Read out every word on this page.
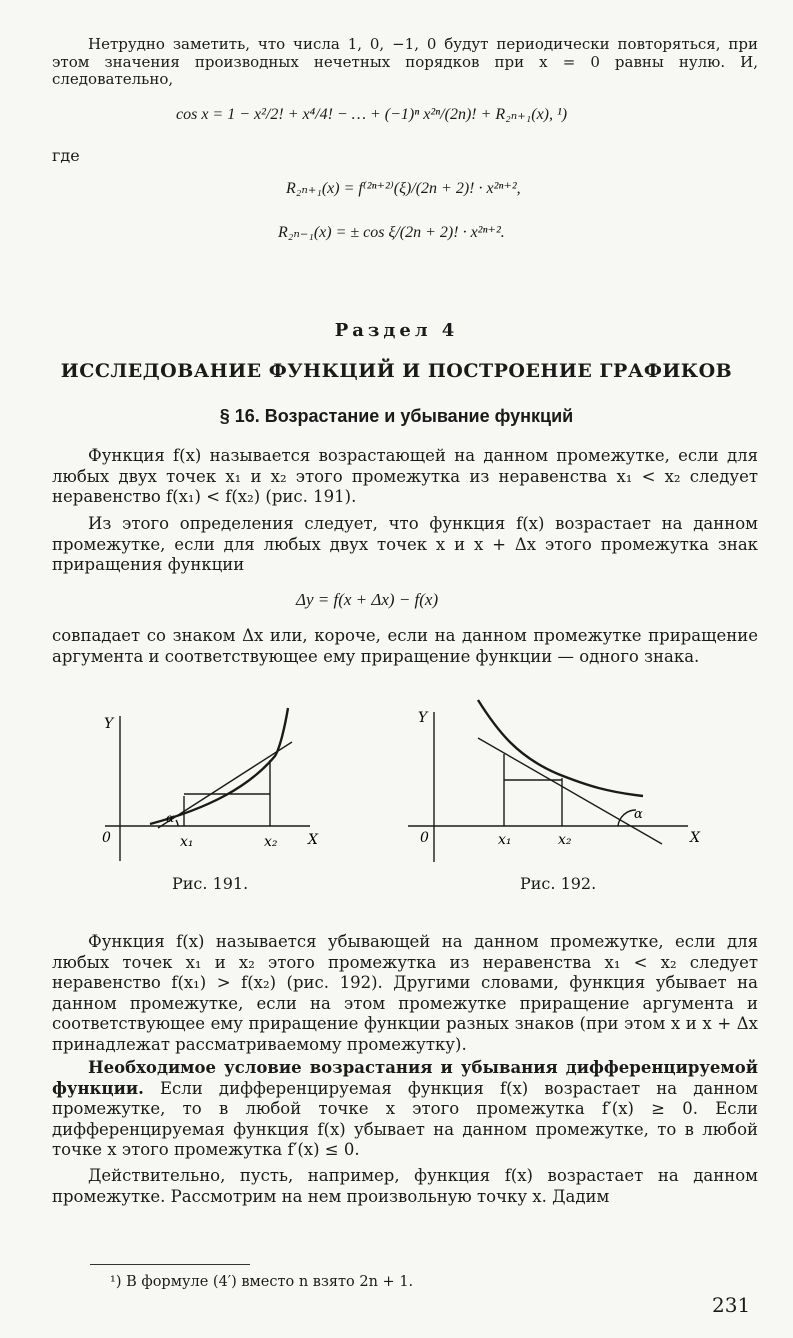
Нетрудно заметить, что числа 1, 0, −1, 0 будут периодически повторяться, при этом значения производных нечетных порядков при x = 0 равны нулю. И, следовательно,

cos x = 1 − x²/2! + x⁴/4! − … + (−1)ⁿ x²ⁿ/(2n)! + R₂ₙ₊₁(x), ¹)
где
R₂ₙ₊₁(x) = f⁽²ⁿ⁺²⁾(ξ)/(2n + 2)! · x²ⁿ⁺²,
R₂ₙ₋₁(x) = ± cos ξ/(2n + 2)! · x²ⁿ⁺².

Раздел 4

ИССЛЕДОВАНИЕ ФУНКЦИЙ И ПОСТРОЕНИЕ ГРАФИКОВ

§ 16. Возрастание и убывание функций

Функция f(x) называется возрастающей на данном промежутке, если для любых двух точек x₁ и x₂ этого промежутка из неравенства x₁ < x₂ следует неравенство f(x₁) < f(x₂) (рис. 191).

Из этого определения следует, что функция f(x) возрастает на данном промежутке, если для любых двух точек x и x + Δx этого промежутка знак приращения функции

Δy = f(x + Δx) − f(x)

совпадает со знаком Δx или, короче, если на данном промежутке приращение аргумента и соответствующее ему приращение функции — одного знака.

Y
0	x₁	x₂ X
α
Рис. 191.
Y
0	x₁	x₂	X
α
Рис. 192.

Функция f(x) называется убывающей на данном промежутке, если для любых точек x₁ и x₂ этого промежутка из неравенства x₁ < x₂ следует неравенство f(x₁) > f(x₂) (рис. 192). Другими словами, функция убывает на данном промежутке, если на этом промежутке приращение аргумента и соответствующее ему приращение функции разных знаков (при этом x и x + Δx принадлежат рассматриваемому промежутку).

Необходимое условие возрастания и убывания дифференцируемой функции. Если дифференцируемая функция f(x) возрастает на данном промежутке, то в любой точке x этого промежутка f′(x) ≥ 0. Если дифференцируемая функция f(x) убывает на данном промежутке, то в любой точке x этого промежутка f′(x) ≤ 0.

Действительно, пусть, например, функция f(x) возрастает на данном промежутке. Рассмотрим на нем произвольную точку x. Дадим

¹) В формуле (4′) вместо n взято 2n + 1.
231
